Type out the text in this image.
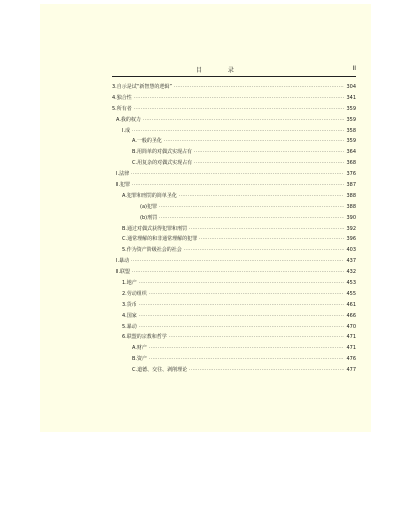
目 录	II
3.自示是试“新智慧的逻辑” ·····	304
4.独合性 ·····	341
5.所有者 ·····	359
A.我的权力 ·····	359
I.成 ·····	358
A.一般的圣化 ·····	359
B.用简单的对偶式实现占有 ·····	364
C.用复杂的对偶式实现占有 ·····	368
Ⅰ.法律 ·····	376
Ⅱ.犯罪 ·····	387
A.犯罪和刑罚的简单圣化 ·····	388
(a)犯罪 ·····	388
(b)刑罚 ·····	390
B.通过对偶式获得犯罪和刑罚 ·····	392
C.通常理解的和非通常理解的犯罪 ·····	396
5.作为资产阶级社会的社会 ·····	403
Ⅰ.暴动 ·····	437
Ⅱ.联盟 ·····	432
1.地产 ·····	453
2.劳动组织 ·····	455
3.货币 ·····	461
4.国家 ·····	466
5.暴动 ·····	470
6.联盟的宗教和哲学 ·····	471
A.财产 ·····	471
B.资产 ·····	476
C.道德、交往、剥削理论 ·····	477
